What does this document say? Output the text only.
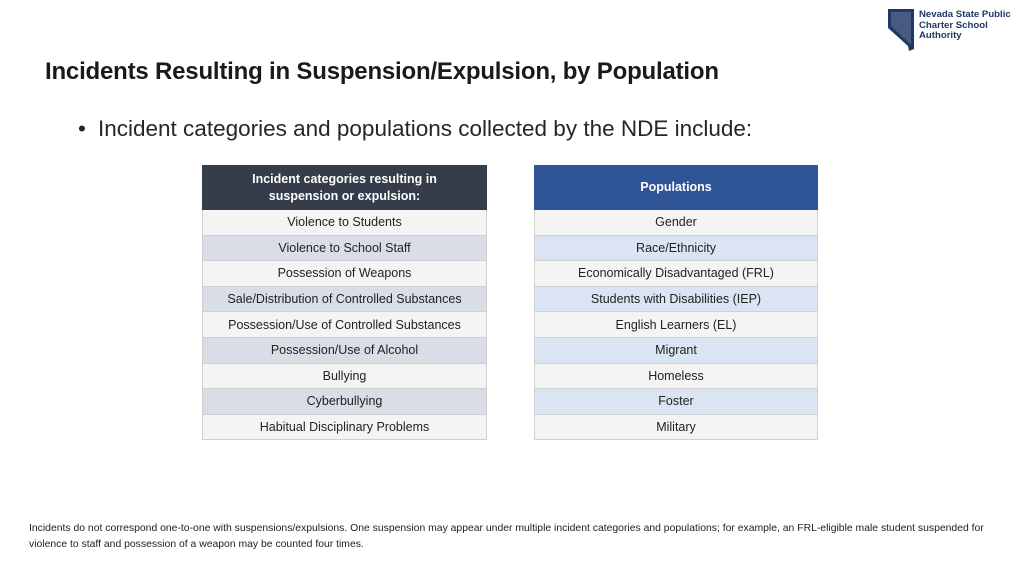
Nevada State Public
Charter School
Authority
Incidents Resulting in Suspension/Expulsion, by Population
• Incident categories and populations collected by the NDE include:
Incident categories resulting in
suspension or expulsion:
Violence to Students
Violence to School Staff
Possession of Weapons
Sale/Distribution of Controlled Substances
Possession/Use of Controlled Substances
Possession/Use of Alcohol
Bullying
Cyberbullying
Habitual Disciplinary Problems
Populations
Gender
Race/Ethnicity
Economically Disadvantaged (FRL)
Students with Disabilities (IEP)
English Learners (EL)
Migrant
Homeless
Foster
Military
Incidents do not correspond one-to-one with suspensions/expulsions. One suspension may appear under multiple incident categories and populations; for example, an FRL-eligible male student suspended for violence to staff and possession of a weapon may be counted four times.
